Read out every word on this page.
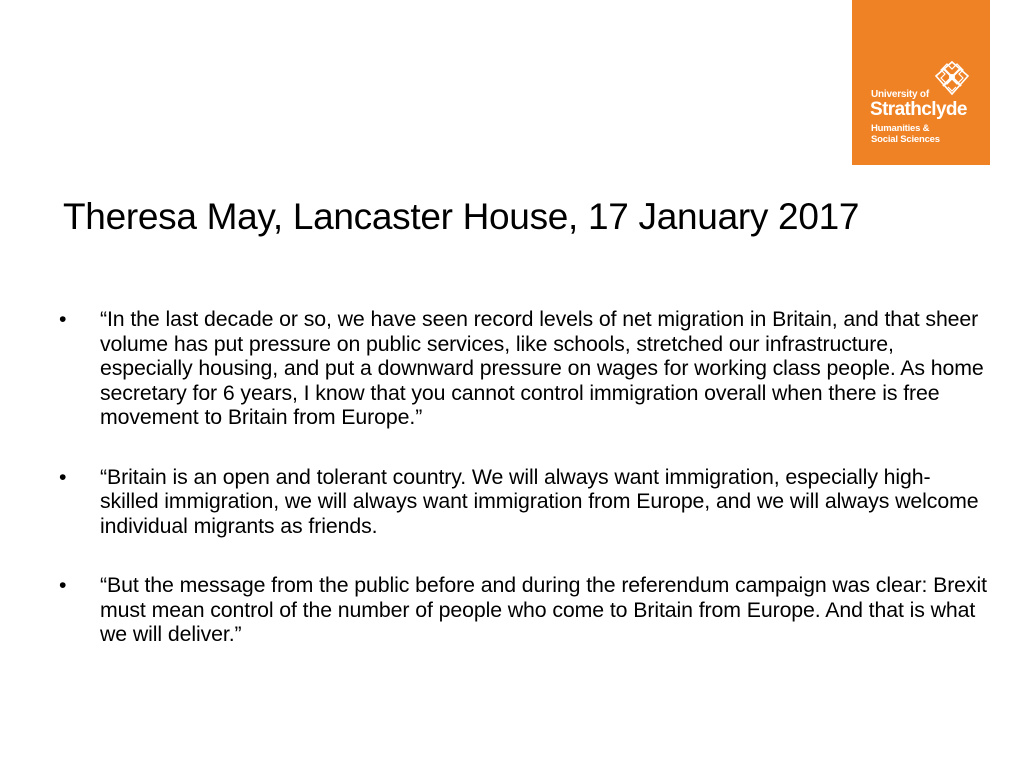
University of
Strathclyde
Humanities &
Social Sciences
Theresa May, Lancaster House, 17 January 2017
• “In the last decade or so, we have seen record levels of net migration in Britain, and that sheer volume has put pressure on public services, like schools, stretched our infrastructure, especially housing, and put a downward pressure on wages for working class people. As home secretary for 6 years, I know that you cannot control immigration overall when there is free movement to Britain from Europe.”
• “Britain is an open and tolerant country. We will always want immigration, especially high-skilled immigration, we will always want immigration from Europe, and we will always welcome individual migrants as friends.
• “But the message from the public before and during the referendum campaign was clear: Brexit must mean control of the number of people who come to Britain from Europe. And that is what we will deliver.”
